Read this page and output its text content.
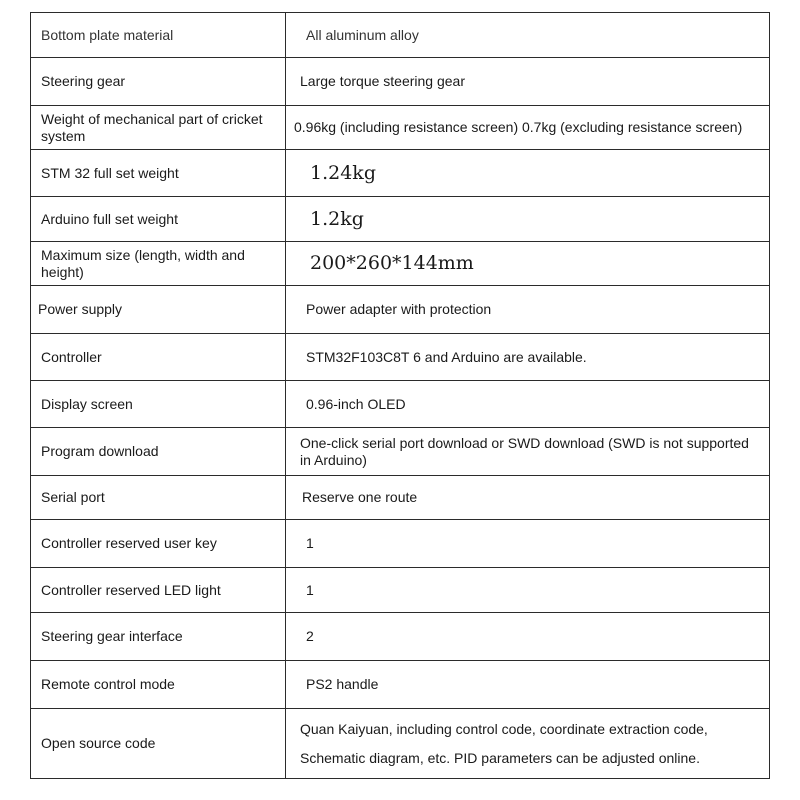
Bottom plate material	All aluminum alloy
Steering gear	Large torque steering gear
Weight of mechanical part of cricket system	0.96kg (including resistance screen) 0.7kg (excluding resistance screen)
STM 32 full set weight	1.24kg
Arduino full set weight	1.2kg
Maximum size (length, width and height)	200*260*144mm
Power supply	Power adapter with protection
Controller	STM32F103C8T 6 and Arduino are available.
Display screen	0.96-inch OLED
Program download	One-click serial port download or SWD download (SWD is not supported in Arduino)
Serial port	Reserve one route
Controller reserved user key	1
Controller reserved LED light	1
Steering gear interface	2
Remote control mode	PS2 handle
Open source code	Quan Kaiyuan, including control code, coordinate extraction code,
Schematic diagram, etc. PID parameters can be adjusted online.
